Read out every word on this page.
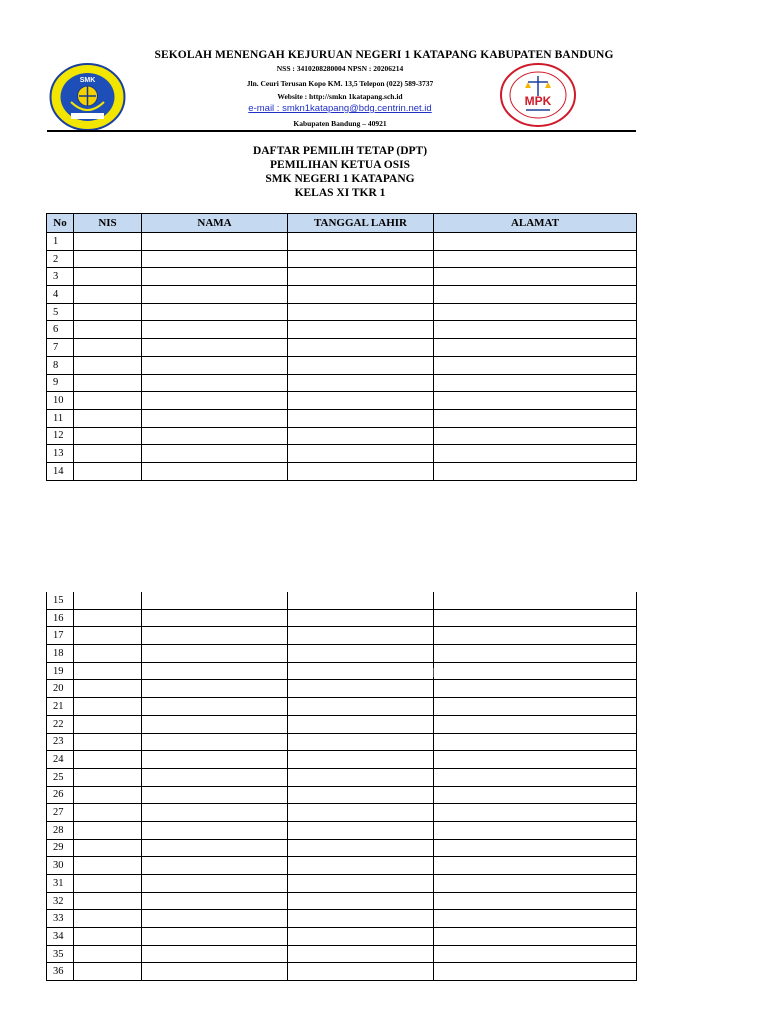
SEKOLAH MENENGAH KEJURUAN NEGERI 1 KATAPANG KABUPATEN BANDUNG
SMK
NSS : 3410208280004 NPSN : 20206214
Jln. Ceuri Terusan Kopo KM. 13,5 Telepon (022) 589-3737
Website : http://smkn 1katapang.sch.id
e-mail : smkn1katapang@bdg.centrin.net.id
Kabupaten Bandung – 40921
MPK
DAFTAR PEMILIH TETAP (DPT)
PEMILIHAN KETUA OSIS
SMK NEGERI 1 KATAPANG
KELAS XI TKR 1
No	NIS	NAMA	TANGGAL LAHIR	ALAMAT
1				
2				
3				
4				
5				
6				
7				
8				
9				
10				
11				
12				
13				
14				
15				
16				
17				
18				
19				
20				
21				
22				
23				
24				
25				
26				
27				
28				
29				
30				
31				
32				
33				
34				
35				
36				
